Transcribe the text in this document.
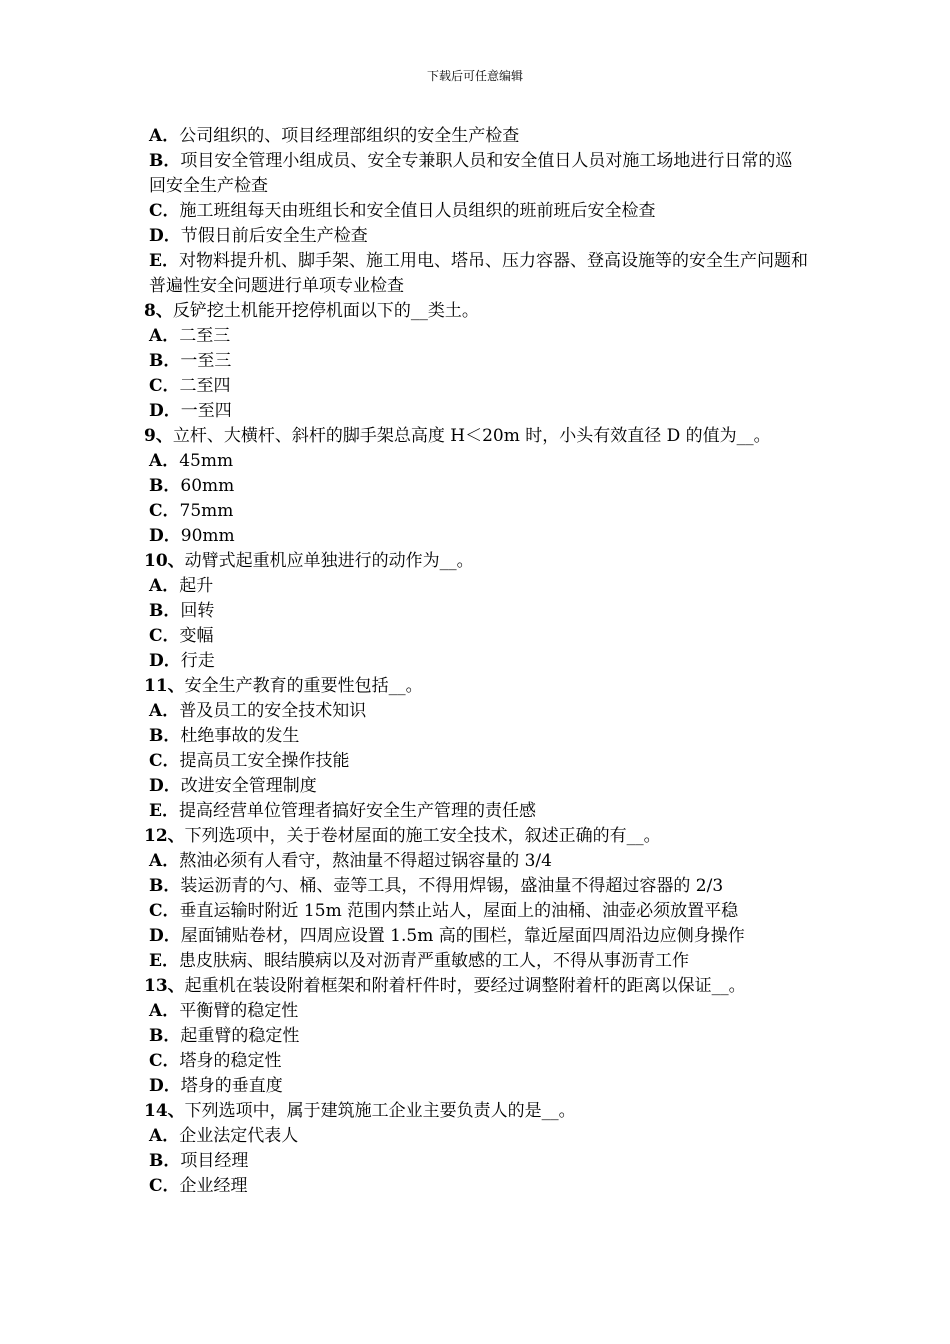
下载后可任意编辑
A．公司组织的、项目经理部组织的安全生产检查
B．项目安全管理小组成员、安全专兼职人员和安全值日人员对施工场地进行日常的巡回安全生产检查
C．施工班组每天由班组长和安全值日人员组织的班前班后安全检查
D．节假日前后安全生产检查
E．对物料提升机、脚手架、施工用电、塔吊、压力容器、登高设施等的安全生产问题和普遍性安全问题进行单项专业检查
8、反铲挖土机能开挖停机面以下的__类土。
A．二至三
B．一至三
C．二至四
D．一至四
9、立杆、大横杆、斜杆的脚手架总高度 H＜20m 时，小头有效直径 D 的值为__。
A．45mm
B．60mm
C．75mm
D．90mm
10、动臂式起重机应单独进行的动作为__。
A．起升
B．回转
C．变幅
D．行走
11、安全生产教育的重要性包括__。
A．普及员工的安全技术知识
B．杜绝事故的发生
C．提高员工安全操作技能
D．改进安全管理制度
E．提高经营单位管理者搞好安全生产管理的责任感
12、下列选项中，关于卷材屋面的施工安全技术，叙述正确的有__。
A．熬油必须有人看守，熬油量不得超过锅容量的 3/4
B．装运沥青的勺、桶、壶等工具，不得用焊锡，盛油量不得超过容器的 2/3
C．垂直运输时附近 15m 范围内禁止站人，屋面上的油桶、油壶必须放置平稳
D．屋面铺贴卷材，四周应设置 1.5m 高的围栏，靠近屋面四周沿边应侧身操作
E．患皮肤病、眼结膜病以及对沥青严重敏感的工人，不得从事沥青工作
13、起重机在装设附着框架和附着杆件时，要经过调整附着杆的距离以保证__。
A．平衡臂的稳定性
B．起重臂的稳定性
C．塔身的稳定性
D．塔身的垂直度
14、下列选项中，属于建筑施工企业主要负责人的是__。
A．企业法定代表人
B．项目经理
C．企业经理
